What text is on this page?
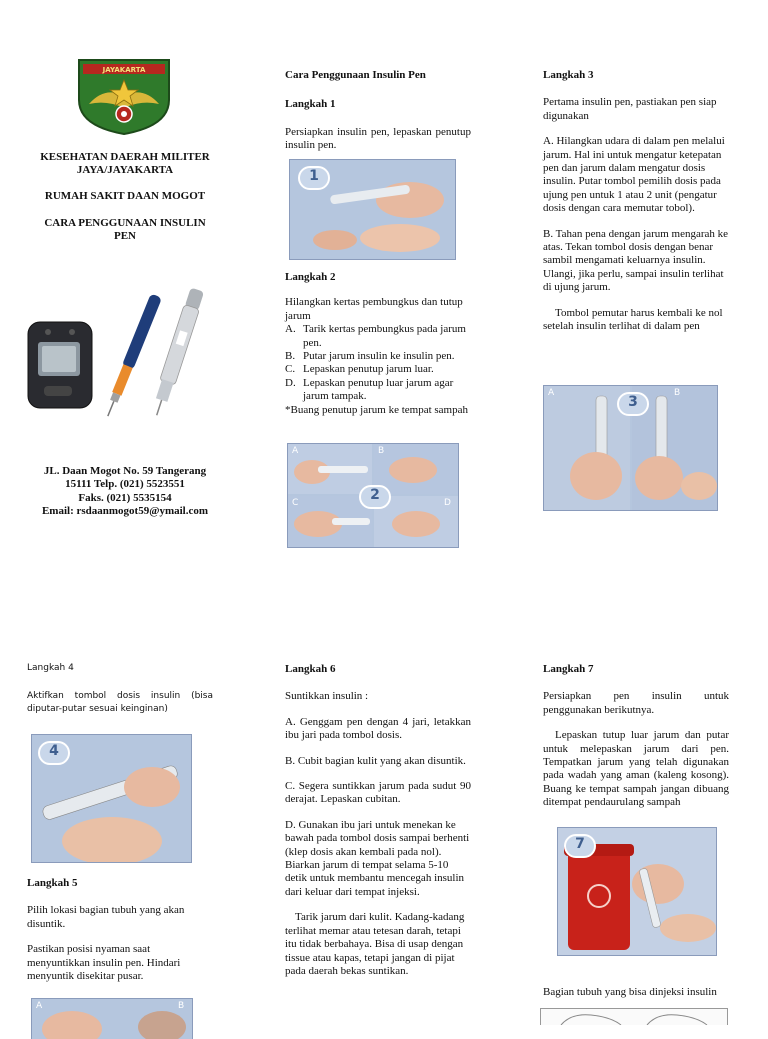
JAYAKARTA

KESEHATAN DAERAH MILITER

JAYA/JAYAKARTA

RUMAH SAKIT DAAN MOGOT

CARA PENGGUNAAN INSULIN

PEN

JL. Daan Mogot No. 59 Tangerang

15111 Telp. (021) 5523551

Faks. (021) 5535154

Email: rsdaanmogot59@ymail.com

Cara Penggunaan Insulin Pen

Langkah 1

Persiapkan insulin pen, lepaskan penutup insulin pen.

1

Langkah 2

Hilangkan kertas pembungkus dan tutup jarum

A. Tarik kertas pembungkus pada jarum pen.
B. Putar jarum insulin ke insulin pen.
C. Lepaskan penutup jarum luar.
D. Lepaskan penutup luar jarum agar jarum tampak.

*Buang penutup jarum ke tempat sampah

A	B
C	D
2

Langkah 3

Pertama insulin pen, pastiakan pen siap digunakan

A. Hilangkan udara di dalam pen melalui jarum. Hal ini untuk mengatur ketepatan pen dan jarum dalam mengatur dosis insulin. Putar tombol pemilih dosis pada ujung pen untuk 1 atau 2 unit (pengatur dosis dengan cara memutar tobol).

B. Tahan pena dengan jarum mengarah ke atas. Tekan tombol dosis dengan benar sambil mengamati keluarnya insulin. Ulangi, jika perlu, sampai insulin terlihat di ujung jarum.

Tombol pemutar harus kembali ke nol setelah insulin terlihat di dalam pen

A	B
3

Langkah 4

Aktifkan tombol dosis insulin (bisa diputar-putar sesuai keinginan)

4

Langkah 5

Pilih lokasi bagian tubuh yang akan disuntik.

Pastikan posisi nyaman saat menyuntikkan insulin pen. Hindari menyuntik disekitar pusar.

A	B

Langkah 6

Suntikkan insulin :

A. Genggam pen dengan 4 jari, letakkan ibu jari pada tombol dosis.

B. Cubit bagian kulit yang akan disuntik.

C. Segera suntikkan jarum pada sudut 90 derajat. Lepaskan cubitan.

D. Gunakan ibu jari untuk menekan ke bawah pada tombol dosis sampai berhenti (klep dosis akan kembali pada nol). Biarkan jarum di tempat selama 5-10 detik untuk membantu mencegah insulin dari keluar dari tempat injeksi.

Tarik jarum dari kulit. Kadang-kadang terlihat memar atau tetesan darah, tetapi itu tidak berbahaya. Bisa di usap dengan tissue atau kapas, tetapi jangan di pijat pada daerah bekas suntikan.

Langkah 7

Persiapkan pen insulin untuk penggunakan berikutnya.

Lepaskan tutup luar jarum dan putar untuk melepaskan jarum dari pen. Tempatkan jarum yang telah digunakan pada wadah yang aman (kaleng kosong). Buang ke tempat sampah jangan dibuang ditempat pendaurulang sampah

7

Bagian tubuh yang bisa dinjeksi insulin
